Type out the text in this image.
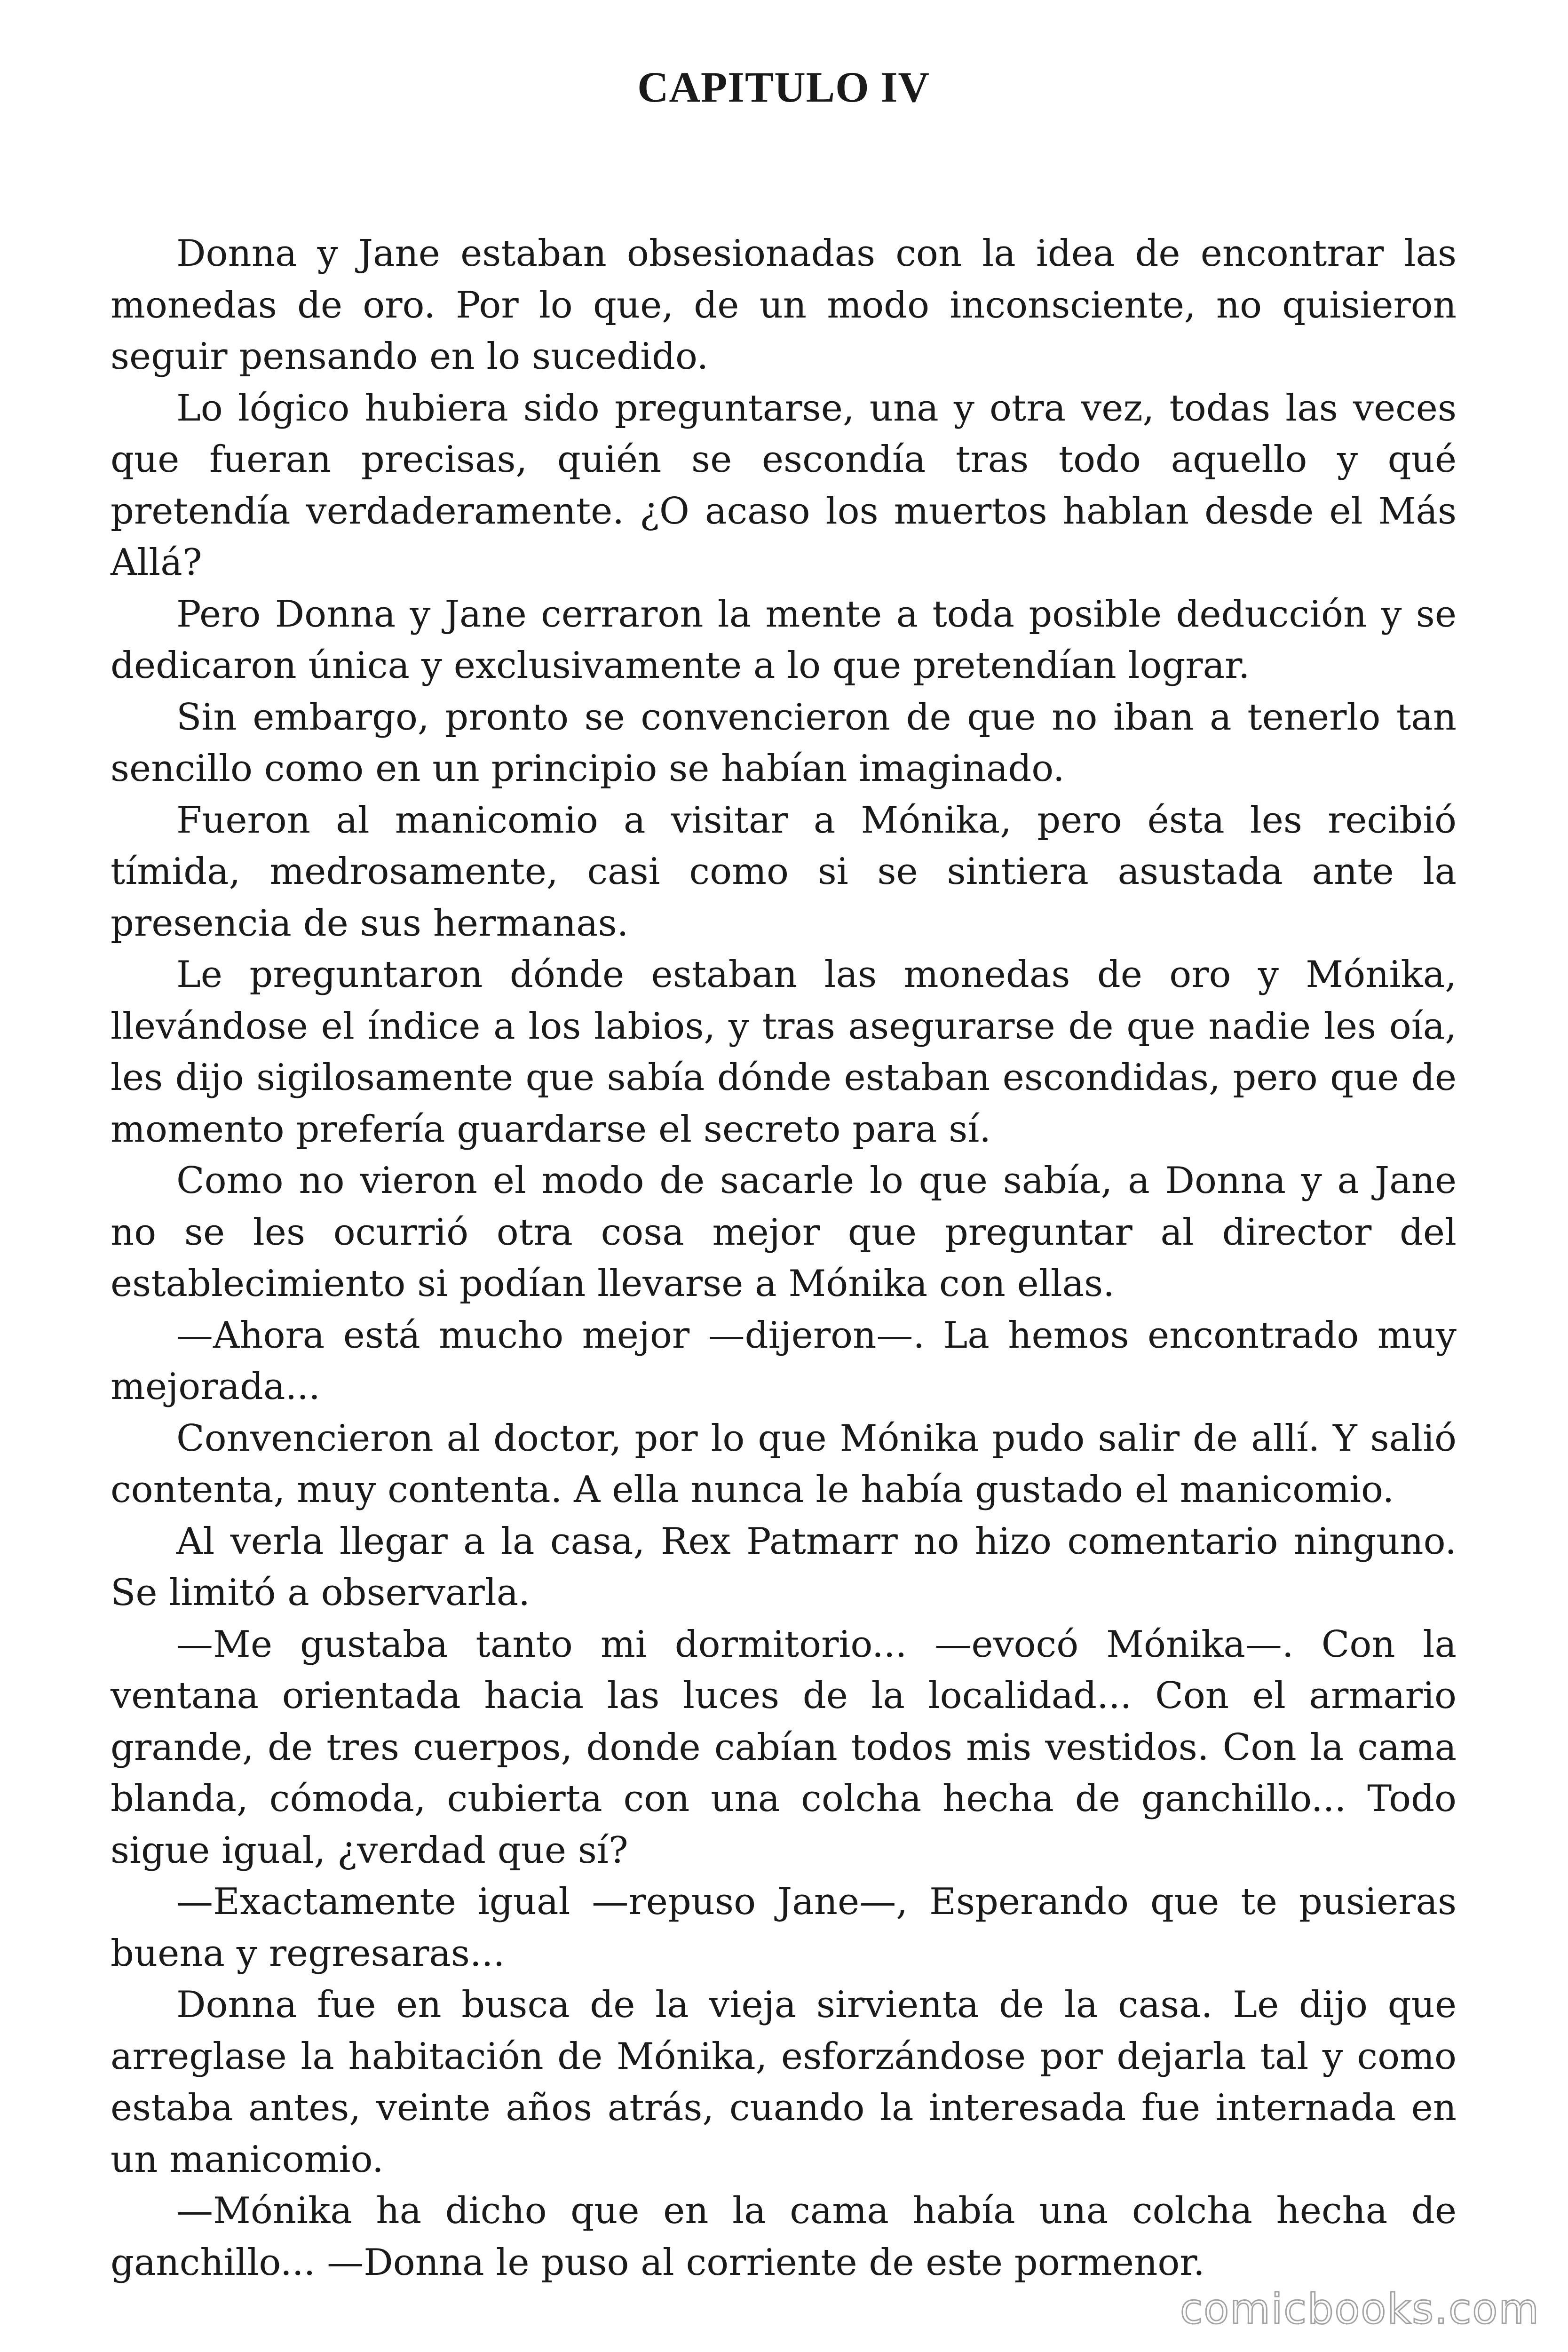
CAPITULO IV

Donna y Jane estaban obsesionadas con la idea de encontrar las monedas de oro. Por lo que, de un modo inconsciente, no quisieron seguir pensando en lo sucedido.

Lo lógico hubiera sido preguntarse, una y otra vez, todas las veces que fueran precisas, quién se escondía tras todo aquello y qué pretendía verdaderamente. ¿O acaso los muertos hablan desde el Más Allá?

Pero Donna y Jane cerraron la mente a toda posible deducción y se dedicaron única y exclusivamente a lo que pretendían lograr.

Sin embargo, pronto se convencieron de que no iban a tenerlo tan sencillo como en un principio se habían imaginado.

Fueron al manicomio a visitar a Mónika, pero ésta les recibió tímida, medrosamente, casi como si se sintiera asustada ante la presencia de sus hermanas.

Le preguntaron dónde estaban las monedas de oro y Mónika, llevándose el índice a los labios, y tras asegurarse de que nadie les oía, les dijo sigilosamente que sabía dónde estaban escondidas, pero que de momento prefería guardarse el secreto para sí.

Como no vieron el modo de sacarle lo que sabía, a Donna y a Jane no se les ocurrió otra cosa mejor que preguntar al director del establecimiento si podían llevarse a Mónika con ellas.

—Ahora está mucho mejor —dijeron—. La hemos encontrado muy mejorada...

Convencieron al doctor, por lo que Mónika pudo salir de allí. Y salió contenta, muy contenta. A ella nunca le había gustado el manicomio.

Al verla llegar a la casa, Rex Patmarr no hizo comentario ninguno. Se limitó a observarla.

—Me gustaba tanto mi dormitorio... —evocó Mónika—. Con la ventana orientada hacia las luces de la localidad... Con el armario grande, de tres cuerpos, donde cabían todos mis vestidos. Con la cama blanda, cómoda, cubierta con una colcha hecha de ganchillo... Todo sigue igual, ¿verdad que sí?

—Exactamente igual —repuso Jane—, Esperando que te pusieras buena y regresaras...

Donna fue en busca de la vieja sirvienta de la casa. Le dijo que arreglase la habitación de Mónika, esforzándose por dejarla tal y como estaba antes, veinte años atrás, cuando la interesada fue internada en un manicomio.

—Mónika ha dicho que en la cama había una colcha hecha de ganchillo... —Donna le puso al corriente de este pormenor.

comicbooks.com
